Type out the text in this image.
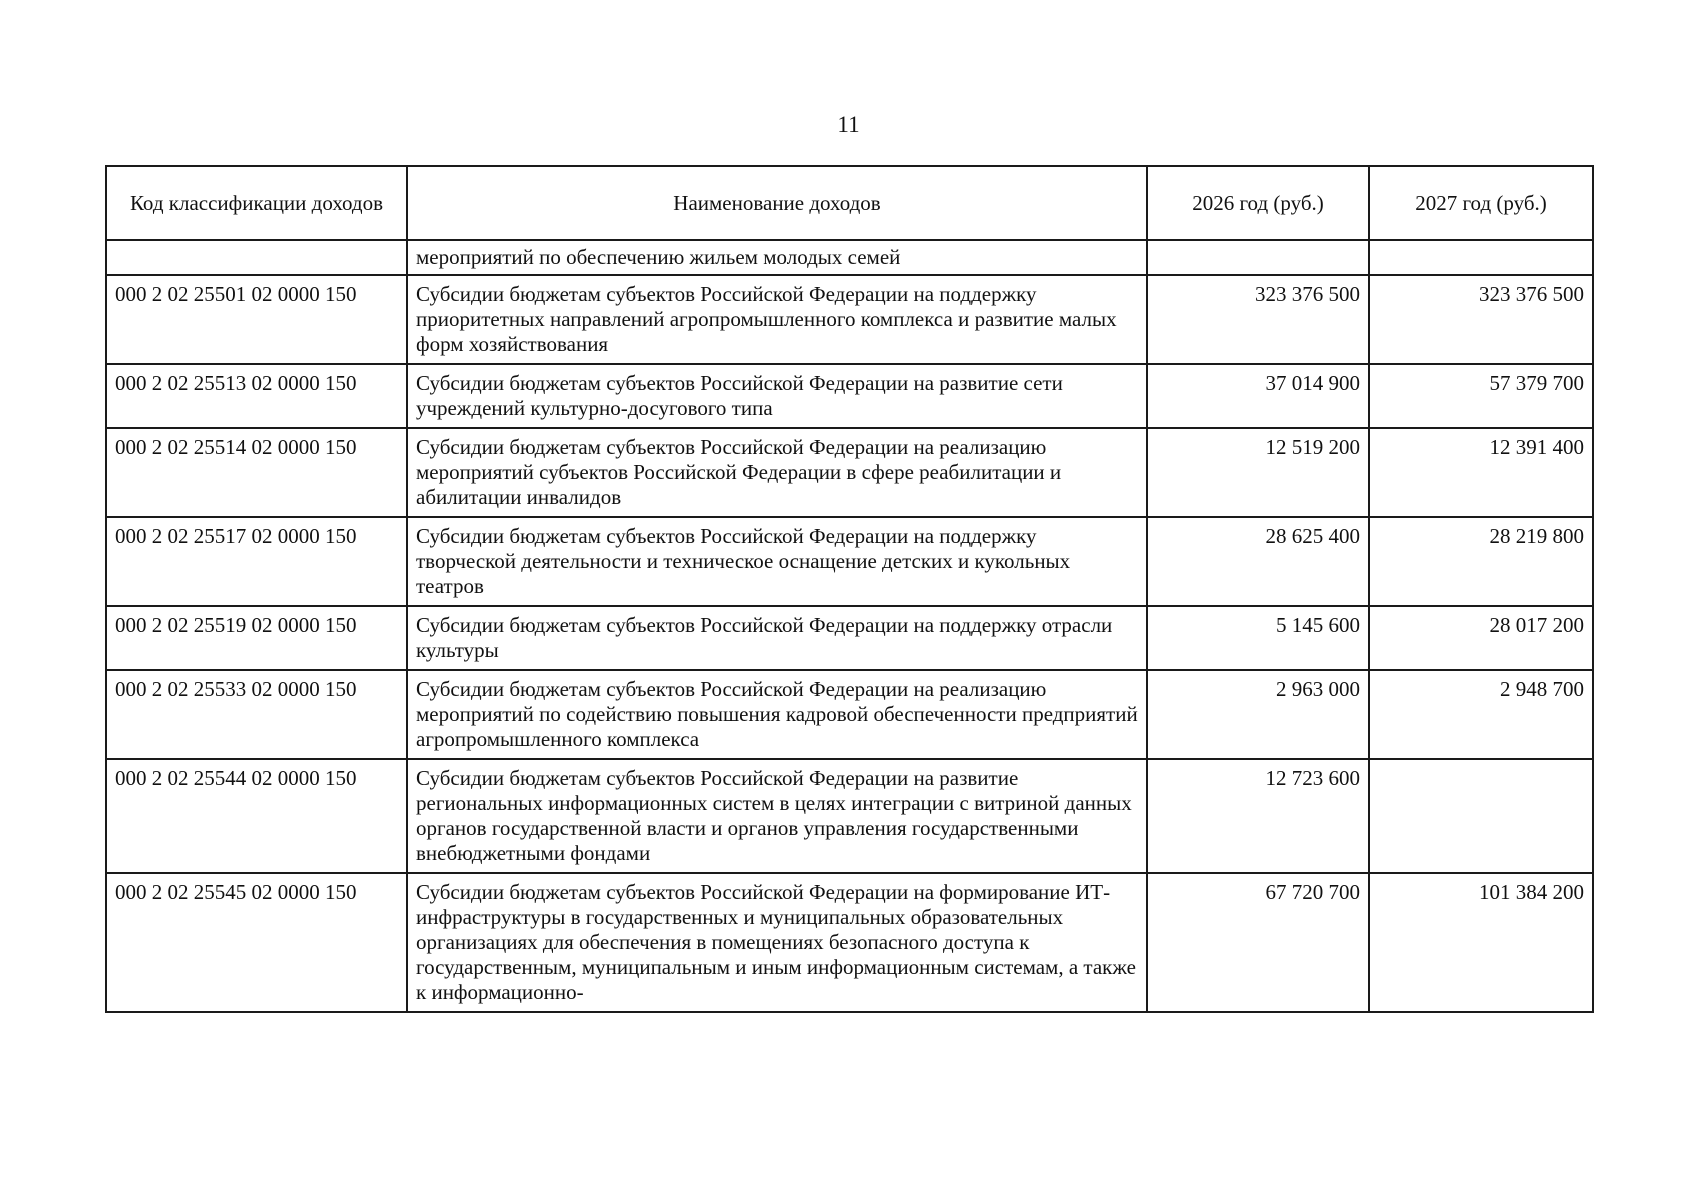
11
Код классификации доходов	Наименование доходов	2026 год (руб.)	2027 год (руб.)
	мероприятий по обеспечению жильем молодых семей		
000 2 02 25501 02 0000 150	Субсидии бюджетам субъектов Российской Федерации на поддержку приоритетных направлений агропромышленного комплекса и развитие малых форм хозяйствования	323 376 500	323 376 500
000 2 02 25513 02 0000 150	Субсидии бюджетам субъектов Российской Федерации на развитие сети учреждений культурно-досугового типа	37 014 900	57 379 700
000 2 02 25514 02 0000 150	Субсидии бюджетам субъектов Российской Федерации на реализацию мероприятий субъектов Российской Федерации в сфере реабилитации и абилитации инвалидов	12 519 200	12 391 400
000 2 02 25517 02 0000 150	Субсидии бюджетам субъектов Российской Федерации на поддержку творческой деятельности и техническое оснащение детских и кукольных театров	28 625 400	28 219 800
000 2 02 25519 02 0000 150	Субсидии бюджетам субъектов Российской Федерации на поддержку отрасли культуры	5 145 600	28 017 200
000 2 02 25533 02 0000 150	Субсидии бюджетам субъектов Российской Федерации на реализацию мероприятий по содействию повышения кадровой обеспеченности предприятий агропромышленного комплекса	2 963 000	2 948 700
000 2 02 25544 02 0000 150	Субсидии бюджетам субъектов Российской Федерации на развитие региональных информационных систем в целях интеграции с витриной данных органов государственной власти и органов управления государственными внебюджетными фондами	12 723 600	
000 2 02 25545 02 0000 150	Субсидии бюджетам субъектов Российской Федерации на формирование ИТ-инфраструктуры в государственных и муниципальных образовательных организациях для обеспечения в помещениях безопасного доступа к государственным, муниципальным и иным информационным системам, а также к информационно-	67 720 700	101 384 200
